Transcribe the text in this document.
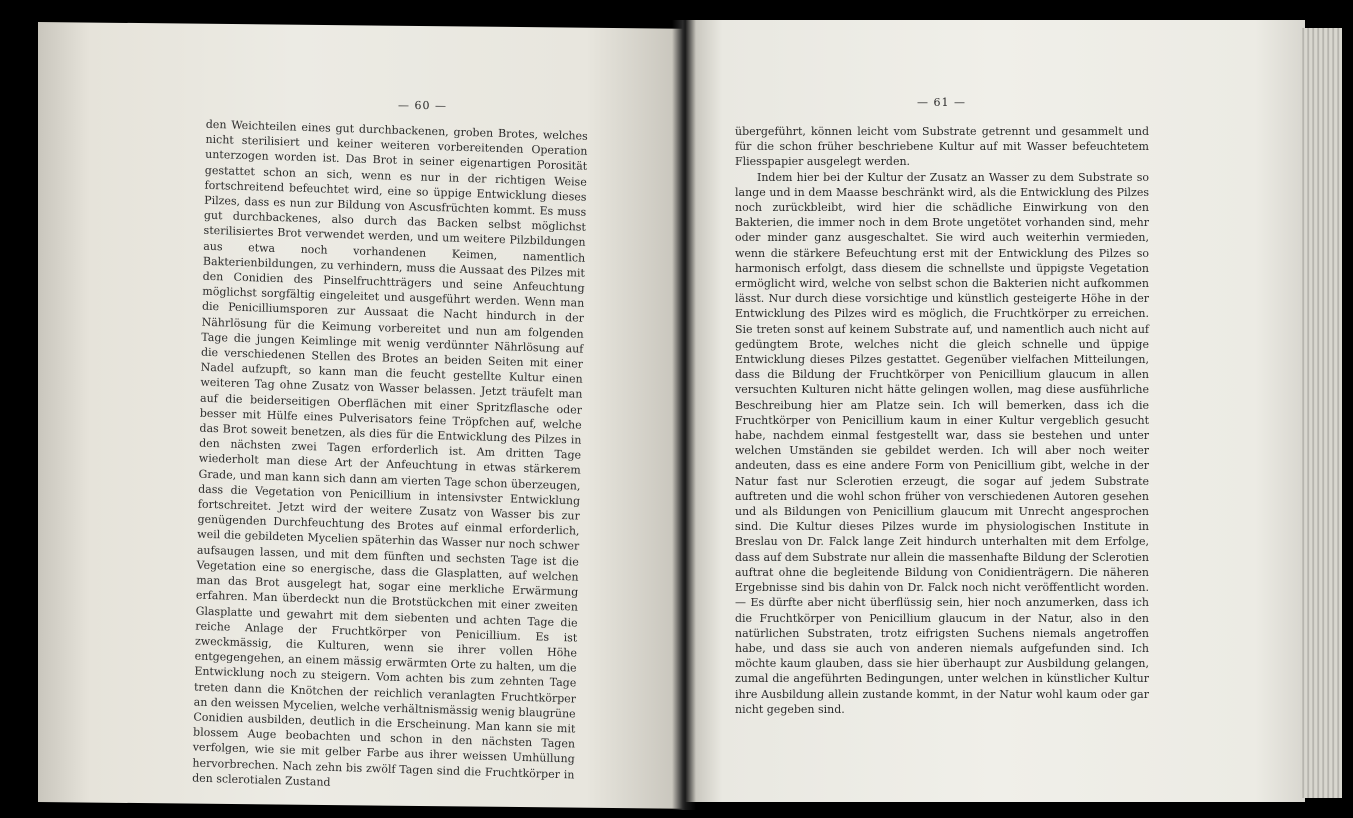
— 60 —

den Weichteilen eines gut durchbackenen, groben Brotes, welches nicht sterilisiert und keiner weiteren vorbereitenden Operation unterzogen worden ist. Das Brot in seiner eigenartigen Porosität gestattet schon an sich, wenn es nur in der richtigen Weise fortschreitend befeuchtet wird, eine so üppige Entwicklung dieses Pilzes, dass es nun zur Bildung von Ascusfrüchten kommt. Es muss gut durchbackenes, also durch das Backen selbst möglichst sterilisiertes Brot verwendet werden, und um weitere Pilzbildungen aus etwa noch vorhandenen Keimen, namentlich Bakterienbildungen, zu verhindern, muss die Aussaat des Pilzes mit den Conidien des Pinselfruchtträgers und seine Anfeuchtung möglichst sorgfältig eingeleitet und ausgeführt werden. Wenn man die Penicilliumsporen zur Aussaat die Nacht hindurch in der Nährlösung für die Keimung vorbereitet und nun am folgenden Tage die jungen Keimlinge mit wenig verdünnter Nährlösung auf die verschiedenen Stellen des Brotes an beiden Seiten mit einer Nadel aufzupft, so kann man die feucht gestellte Kultur einen weiteren Tag ohne Zusatz von Wasser belassen. Jetzt träufelt man auf die beiderseitigen Oberflächen mit einer Spritzflasche oder besser mit Hülfe eines Pulverisators feine Tröpfchen auf, welche das Brot soweit benetzen, als dies für die Entwicklung des Pilzes in den nächsten zwei Tagen erforderlich ist. Am dritten Tage wiederholt man diese Art der Anfeuchtung in etwas stärkerem Grade, und man kann sich dann am vierten Tage schon überzeugen, dass die Vegetation von Penicillium in intensivster Entwicklung fortschreitet. Jetzt wird der weitere Zusatz von Wasser bis zur genügenden Durchfeuchtung des Brotes auf einmal erforderlich, weil die gebildeten Mycelien späterhin das Wasser nur noch schwer aufsaugen lassen, und mit dem fünften und sechsten Tage ist die Vegetation eine so energische, dass die Glasplatten, auf welchen man das Brot ausgelegt hat, sogar eine merkliche Erwärmung erfahren. Man überdeckt nun die Brotstückchen mit einer zweiten Glasplatte und gewahrt mit dem siebenten und achten Tage die reiche Anlage der Fruchtkörper von Penicillium. Es ist zweckmässig, die Kulturen, wenn sie ihrer vollen Höhe entgegengehen, an einem mässig erwärmten Orte zu halten, um die Entwicklung noch zu steigern. Vom achten bis zum zehnten Tage treten dann die Knötchen der reichlich veranlagten Fruchtkörper an den weissen Mycelien, welche verhältnismässig wenig blaugrüne Conidien ausbilden, deutlich in die Erscheinung. Man kann sie mit blossem Auge beobachten und schon in den nächsten Tagen verfolgen, wie sie mit gelber Farbe aus ihrer weissen Umhüllung hervorbrechen. Nach zehn bis zwölf Tagen sind die Fruchtkörper in den sclerotialen Zustand

— 61 —

übergeführt, können leicht vom Substrate getrennt und gesammelt und für die schon früher beschriebene Kultur auf mit Wasser befeuchtetem Fliesspapier ausgelegt werden.

Indem hier bei der Kultur der Zusatz an Wasser zu dem Substrate so lange und in dem Maasse beschränkt wird, als die Entwicklung des Pilzes noch zurückbleibt, wird hier die schädliche Einwirkung von den Bakterien, die immer noch in dem Brote ungetötet vorhanden sind, mehr oder minder ganz ausgeschaltet. Sie wird auch weiterhin vermieden, wenn die stärkere Befeuchtung erst mit der Entwicklung des Pilzes so harmonisch erfolgt, dass diesem die schnellste und üppigste Vegetation ermöglicht wird, welche von selbst schon die Bakterien nicht aufkommen lässt. Nur durch diese vorsichtige und künstlich gesteigerte Höhe in der Entwicklung des Pilzes wird es möglich, die Fruchtkörper zu erreichen. Sie treten sonst auf keinem Substrate auf, und namentlich auch nicht auf gedüngtem Brote, welches nicht die gleich schnelle und üppige Entwicklung dieses Pilzes gestattet. Gegenüber vielfachen Mitteilungen, dass die Bildung der Fruchtkörper von Penicillium glaucum in allen versuchten Kulturen nicht hätte gelingen wollen, mag diese ausführliche Beschreibung hier am Platze sein. Ich will bemerken, dass ich die Fruchtkörper von Penicillium kaum in einer Kultur vergeblich gesucht habe, nachdem einmal festgestellt war, dass sie bestehen und unter welchen Umständen sie gebildet werden. Ich will aber noch weiter andeuten, dass es eine andere Form von Penicillium gibt, welche in der Natur fast nur Sclerotien erzeugt, die sogar auf jedem Substrate auftreten und die wohl schon früher von verschiedenen Autoren gesehen und als Bildungen von Penicillium glaucum mit Unrecht angesprochen sind. Die Kultur dieses Pilzes wurde im physiologischen Institute in Breslau von Dr. Falck lange Zeit hindurch unterhalten mit dem Erfolge, dass auf dem Substrate nur allein die massenhafte Bildung der Sclerotien auftrat ohne die begleitende Bildung von Conidienträgern. Die näheren Ergebnisse sind bis dahin von Dr. Falck noch nicht veröffentlicht worden. — Es dürfte aber nicht überflüssig sein, hier noch anzumerken, dass ich die Fruchtkörper von Penicillium glaucum in der Natur, also in den natürlichen Substraten, trotz eifrigsten Suchens niemals angetroffen habe, und dass sie auch von anderen niemals aufgefunden sind. Ich möchte kaum glauben, dass sie hier überhaupt zur Ausbildung gelangen, zumal die angeführten Bedingungen, unter welchen in künstlicher Kultur ihre Ausbildung allein zustande kommt, in der Natur wohl kaum oder gar nicht gegeben sind.
